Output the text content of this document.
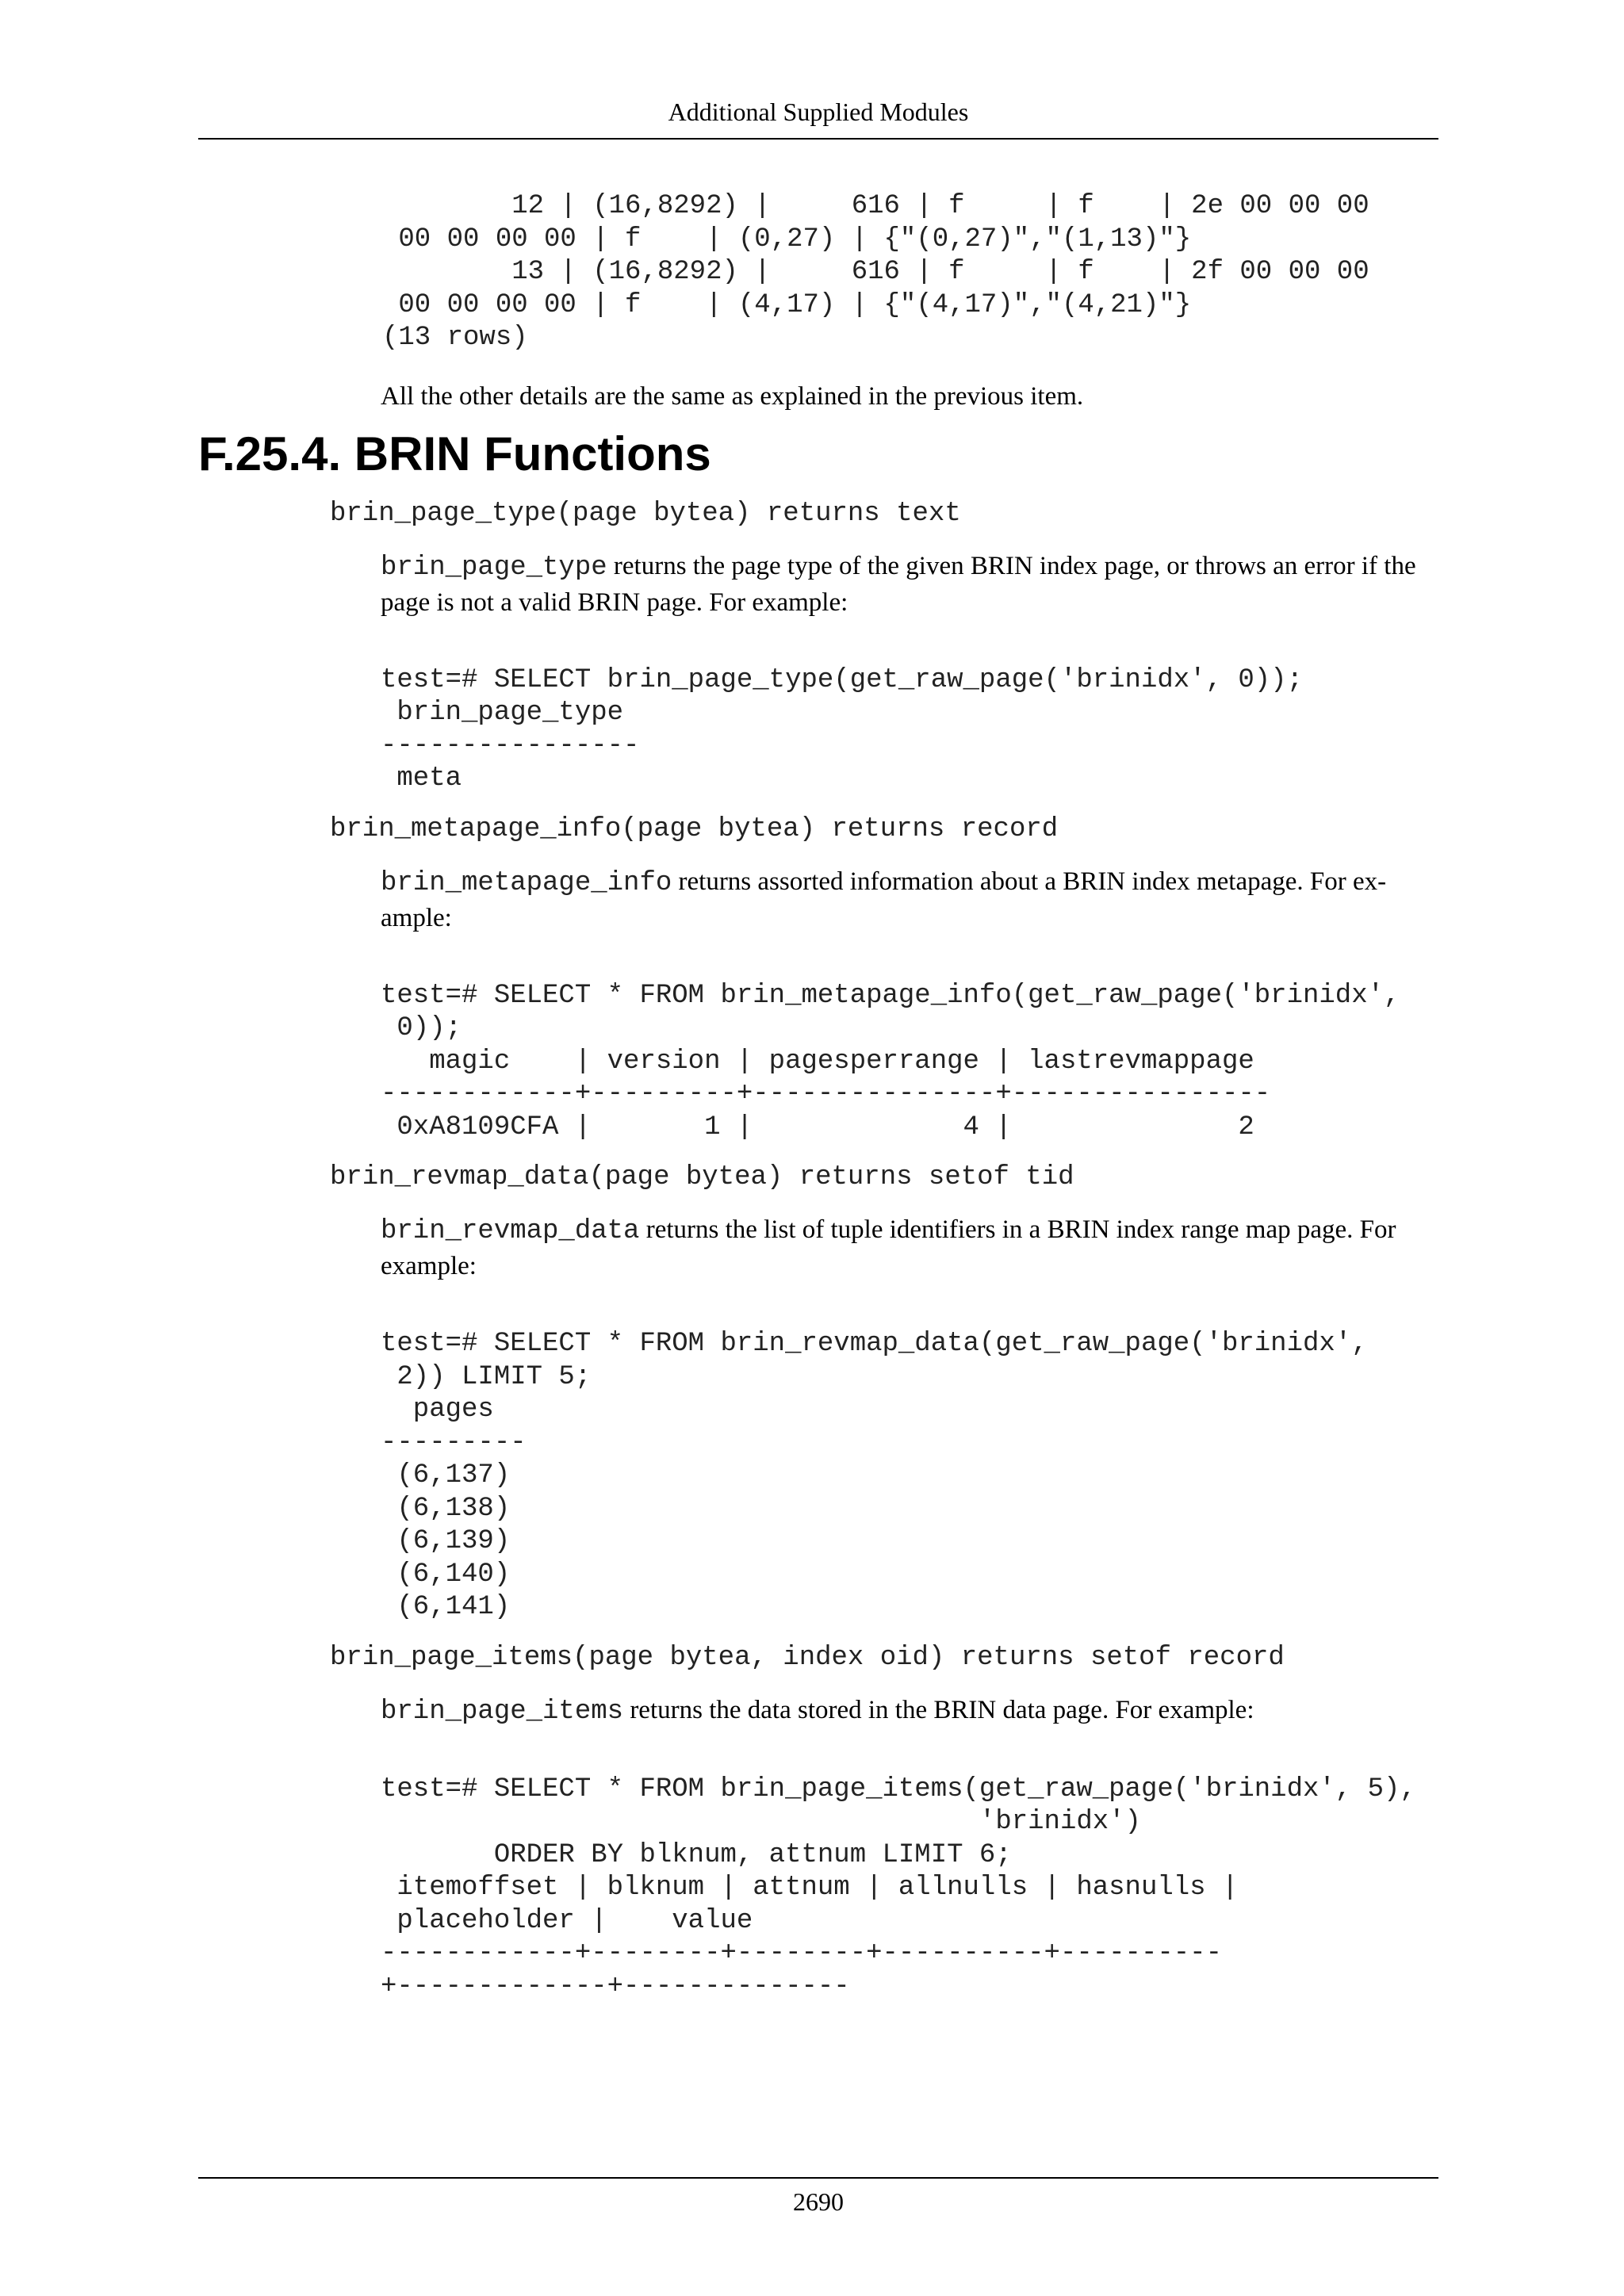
Additional Supplied Modules
12 | (16,8292) |     616 | f     | f    | 2e 00 00 00
00 00 00 00 | f    | (0,27) | {"(0,27)","(1,13)"}
13 | (16,8292) |     616 | f     | f    | 2f 00 00 00
00 00 00 00 | f    | (4,17) | {"(4,17)","(4,21)"}
(13 rows)

All the other details are the same as explained in the previous item.

F.25.4. BRIN Functions
brin_page_type(page bytea) returns text

brin_page_type returns the page type of the given BRIN index page, or throws an error if the page is not a valid BRIN page. For example:

test=# SELECT brin_page_type(get_raw_page('brinidx', 0));
brin_page_type
----------------
meta
brin_metapage_info(page bytea) returns record

brin_metapage_info returns assorted information about a BRIN index metapage. For ex-ample:

test=# SELECT * FROM brin_metapage_info(get_raw_page('brinidx',
0));
magic    | version | pagesperrange | lastrevmappage
------------+---------+---------------+----------------
0xA8109CFA |       1 |             4 |              2
brin_revmap_data(page bytea) returns setof tid

brin_revmap_data returns the list of tuple identifiers in a BRIN index range map page. For example:

test=# SELECT * FROM brin_revmap_data(get_raw_page('brinidx',
2)) LIMIT 5;
pages
---------
(6,137)
(6,138)
(6,139)
(6,140)
(6,141)
brin_page_items(page bytea, index oid) returns setof record

brin_page_items returns the data stored in the BRIN data page. For example:

test=# SELECT * FROM brin_page_items(get_raw_page('brinidx', 5),
'brinidx')
ORDER BY blknum, attnum LIMIT 6;
itemoffset | blknum | attnum | allnulls | hasnulls |
placeholder |    value
------------+--------+--------+----------+----------
+-------------+--------------
2690
